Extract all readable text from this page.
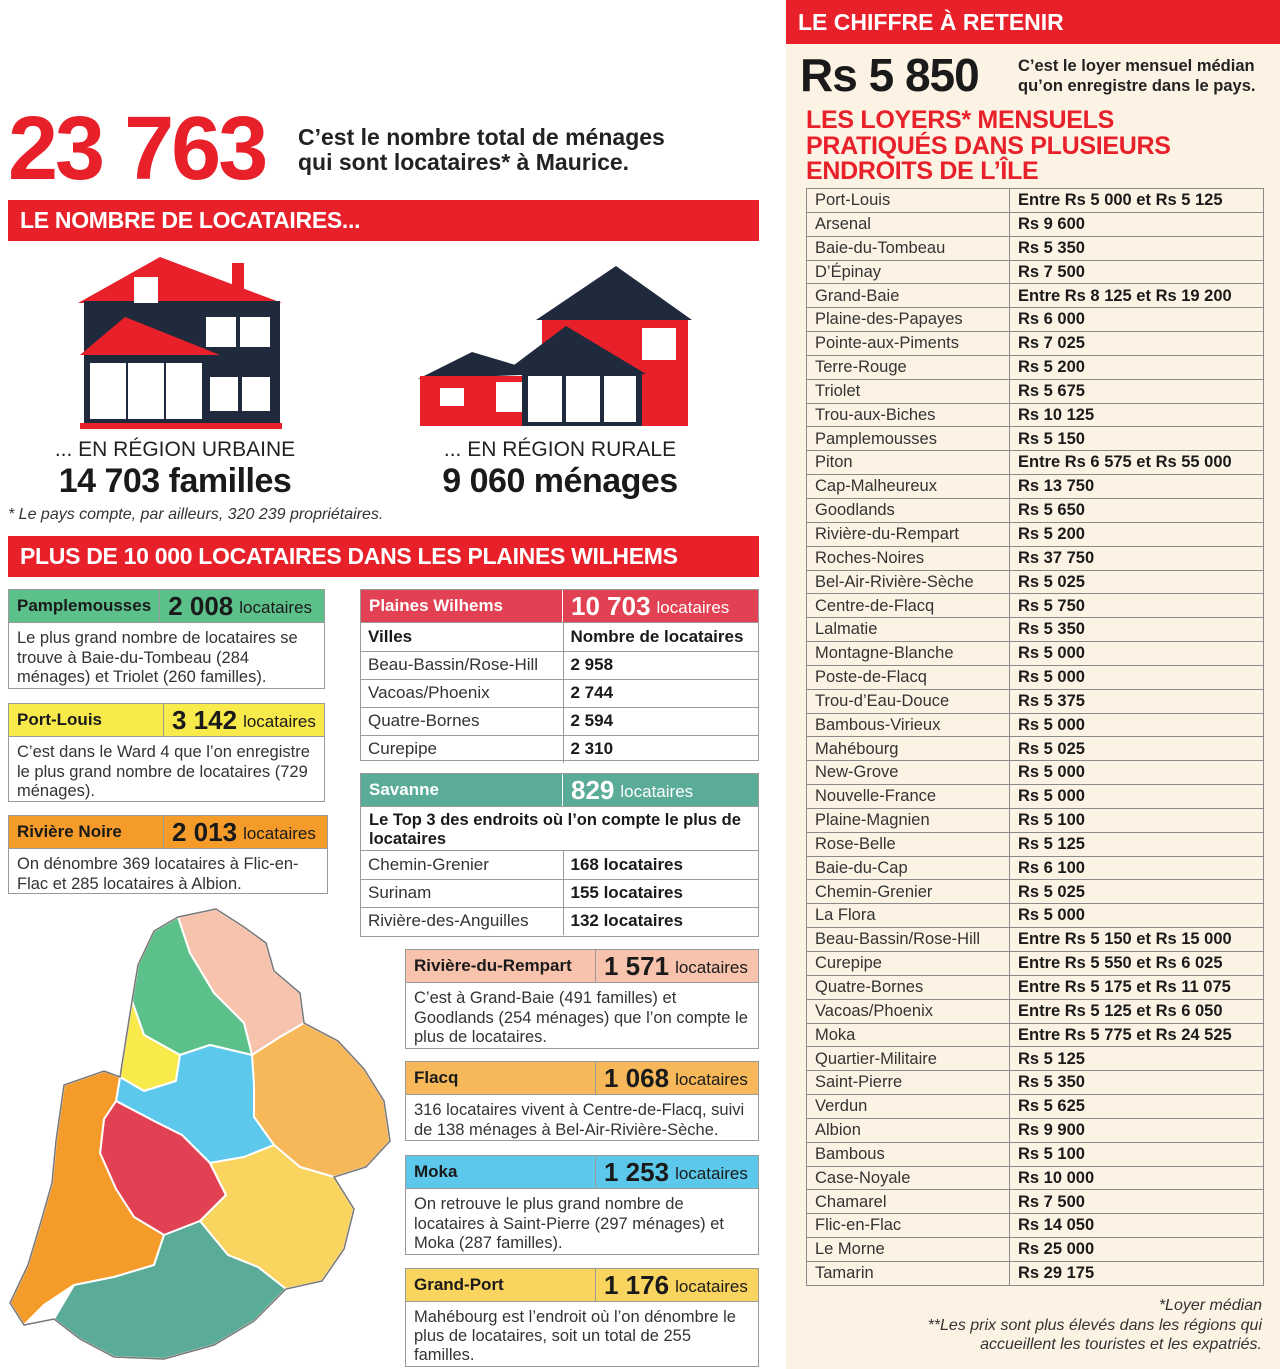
23 763 C’est le nombre total de ménages
qui sont locataires* à Maurice.
LE NOMBRE DE LOCATAIRES...
... EN RÉGION URBAINE
14 703 familles
... EN RÉGION RURALE
9 060 ménages
* Le pays compte, par ailleurs, 320 239 propriétaires.
PLUS DE 10 000 LOCATAIRES DANS LES PLAINES WILHEMS
Pamplemousses 2 008 locataires
Le plus grand nombre de locataires se trouve à Baie-du-Tombeau (284 ménages) et Triolet (260 familles).
Port-Louis	3 142 locataires
C’est dans le Ward 4 que l’on enregistre le plus grand nombre de locataires (729 ménages).
Rivière Noire	2 013 locataires
On dénombre 369 locataires à Flic-en-Flac et 285 locataires à Albion.
Plaines Wilhems	10 703 locataires
Villes	Nombre de locataires
Beau-Bassin/Rose-Hill	2 958
Vacoas/Phoenix	2 744
Quatre-Bornes	2 594
Curepipe	2 310
Savanne	829 locataires
Le Top 3 des endroits où l’on compte le plus de locataires
Chemin-Grenier	168 locataires
Surinam	155 locataires
Rivière-des-Anguilles	132 locataires
Rivière-du-Rempart	1 571 locataires
C’est à Grand-Baie (491 familles) et Goodlands (254 ménages) que l’on compte le plus de locataires.
Flacq	1 068 locataires
316 locataires vivent à Centre-de-Flacq, suivi de 138 ménages à Bel-Air-Rivière-Sèche.
Moka	1 253 locataires
On retrouve le plus grand nombre de locataires à Saint-Pierre (297 ménages) et Moka (287 familles).
Grand-Port	1 176 locataires
Mahébourg est l’endroit où l’on dénombre le plus de locataires, soit un total de 255 familles.
LE CHIFFRE À RETENIR
Rs 5 850 C’est le loyer mensuel médian
qu’on enregistre dans le pays.
LES LOYERS* MENSUELS
PRATIQUÉS DANS PLUSIEURS
ENDROITS DE L’ÎLE
Port-Louis	Entre Rs 5 000 et Rs 5 125
Arsenal	Rs 9 600
Baie-du-Tombeau	Rs 5 350
D’Épinay	Rs 7 500
Grand-Baie	Entre Rs 8 125 et Rs 19 200
Plaine-des-Papayes	Rs 6 000
Pointe-aux-Piments	Rs 7 025
Terre-Rouge	Rs 5 200
Triolet	Rs 5 675
Trou-aux-Biches	Rs 10 125
Pamplemousses	Rs 5 150
Piton	Entre Rs 6 575 et Rs 55 000
Cap-Malheureux	Rs 13 750
Goodlands	Rs 5 650
Rivière-du-Rempart	Rs 5 200
Roches-Noires	Rs 37 750
Bel-Air-Rivière-Sèche	Rs 5 025
Centre-de-Flacq	Rs 5 750
Lalmatie	Rs 5 350
Montagne-Blanche	Rs 5 000
Poste-de-Flacq	Rs 5 000
Trou-d’Eau-Douce	Rs 5 375
Bambous-Virieux	Rs 5 000
Mahébourg	Rs 5 025
New-Grove	Rs 5 000
Nouvelle-France	Rs 5 000
Plaine-Magnien	Rs 5 100
Rose-Belle	Rs 5 125
Baie-du-Cap	Rs 6 100
Chemin-Grenier	Rs 5 025
La Flora	Rs 5 000
Beau-Bassin/Rose-Hill	Entre Rs 5 150 et Rs 15 000
Curepipe	Entre Rs 5 550 et Rs 6 025
Quatre-Bornes	Entre Rs 5 175 et Rs 11 075
Vacoas/Phoenix	Entre Rs 5 125 et Rs 6 050
Moka	Entre Rs 5 775 et Rs 24 525
Quartier-Militaire	Rs 5 125
Saint-Pierre	Rs 5 350
Verdun	Rs 5 625
Albion	Rs 9 900
Bambous	Rs 5 100
Case-Noyale	Rs 10 000
Chamarel	Rs 7 500
Flic-en-Flac	Rs 14 050
Le Morne	Rs 25 000
Tamarin	Rs 29 175
*Loyer médian
**Les prix sont plus élevés dans les régions qui
accueillent les touristes et les expatriés.
